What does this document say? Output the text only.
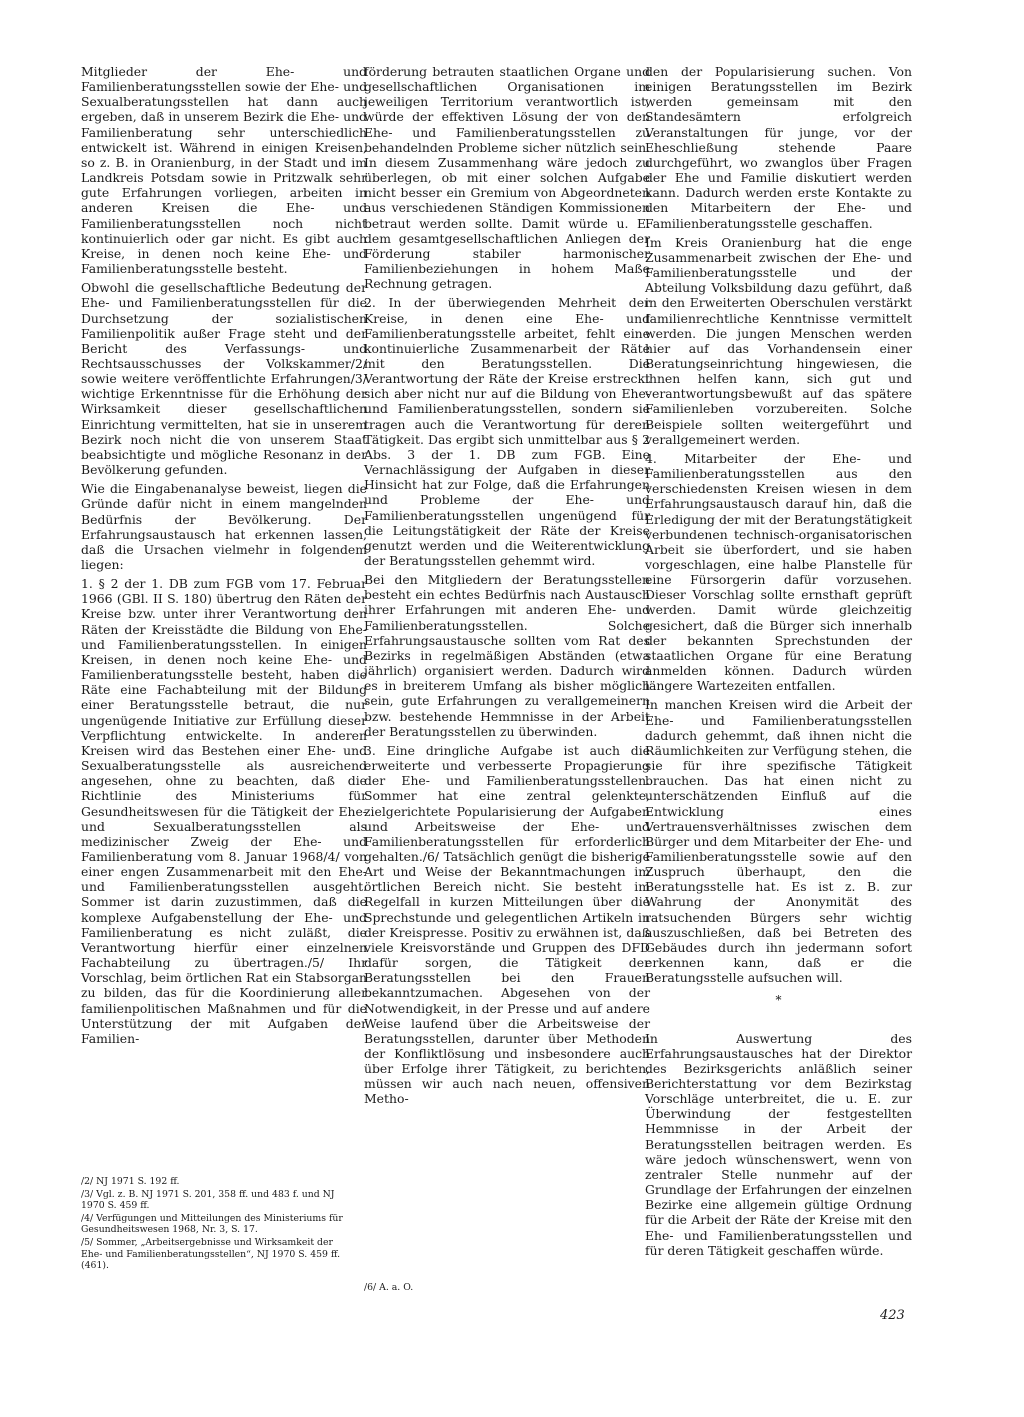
Mitglieder der Ehe- und Familienberatungsstellen sowie der Ehe- und Sexualberatungsstellen hat dann auch ergeben, daß in unserem Bezirk die Ehe- und Familienberatung sehr unterschiedlich entwickelt ist. Während in einigen Kreisen, so z. B. in Oranienburg, in der Stadt und im Landkreis Potsdam sowie in Pritzwalk sehr gute Erfahrungen vorliegen, arbeiten in anderen Kreisen die Ehe- und Familienberatungsstellen noch nicht kontinuierlich oder gar nicht. Es gibt auch Kreise, in denen noch keine Ehe- und Familienberatungsstelle besteht.

Obwohl die gesellschaftliche Bedeutung der Ehe- und Familienberatungsstellen für die Durchsetzung der sozialistischen Familienpolitik außer Frage steht und der Bericht des Verfassungs- und Rechtsausschusses der Volkskammer/2/ sowie weitere veröffentlichte Erfahrungen/3/ wichtige Erkenntnisse für die Erhöhung der Wirksamkeit dieser gesellschaftlichen Einrichtung vermittelten, hat sie in unserem Bezirk noch nicht die von unserem Staat beabsichtigte und mögliche Resonanz in der Bevölkerung gefunden.

Wie die Eingabenanalyse beweist, liegen die Gründe dafür nicht in einem mangelnden Bedürfnis der Bevölkerung. Der Erfahrungsaustausch hat erkennen lassen, daß die Ursachen vielmehr in folgendem liegen:

1. § 2 der 1. DB zum FGB vom 17. Februar 1966 (GBl. II S. 180) übertrug den Räten der Kreise bzw. unter ihrer Verantwortung den Räten der Kreisstädte die Bildung von Ehe- und Familienberatungsstellen. In einigen Kreisen, in denen noch keine Ehe- und Familienberatungsstelle besteht, haben die Räte eine Fachabteilung mit der Bildung einer Beratungsstelle betraut, die nur ungenügende Initiative zur Erfüllung dieser Verpflichtung entwickelte. In anderen Kreisen wird das Bestehen einer Ehe- und Sexualberatungsstelle als ausreichend angesehen, ohne zu beachten, daß die Richtlinie des Ministeriums für Gesundheitswesen für die Tätigkeit der Ehe- und Sexualberatungsstellen als medizinischer Zweig der Ehe- und Familienberatung vom 8. Januar 1968/4/ von einer engen Zusammenarbeit mit den Ehe- und Familienberatungsstellen ausgeht. Sommer ist darin zuzustimmen, daß die komplexe Aufgabenstellung der Ehe- und Familienberatung es nicht zuläßt, die Verantwortung hierfür einer einzelnen Fachabteilung zu übertragen./5/ Ihr Vorschlag, beim örtlichen Rat ein Stabsorgan zu bilden, das für die Koordinierung aller familienpolitischen Maßnahmen und für die Unterstützung der mit Aufgaben der Familien-

förderung betrauten staatlichen Organe und gesellschaftlichen Organisationen im jeweiligen Territorium verantwortlich ist, würde der effektiven Lösung der von den Ehe- und Familienberatungsstellen zu behandelnden Probleme sicher nützlich sein. In diesem Zusammenhang wäre jedoch zu überlegen, ob mit einer solchen Aufgabe nicht besser ein Gremium von Abgeordneten aus verschiedenen Ständigen Kommissionen betraut werden sollte. Damit würde u. E. dem gesamtgesellschaftlichen Anliegen der Förderung stabiler harmonischer Familienbeziehungen in hohem Maße Rechnung getragen.

2. In der überwiegenden Mehrheit der Kreise, in denen eine Ehe- und Familienberatungsstelle arbeitet, fehlt eine kontinuierliche Zusammenarbeit der Räte mit den Beratungsstellen. Die Verantwortung der Räte der Kreise erstreckt sich aber nicht nur auf die Bildung von Ehe- und Familienberatungsstellen, sondern sie tragen auch die Verantwortung für deren Tätigkeit. Das ergibt sich unmittelbar aus § 2 Abs. 3 der 1. DB zum FGB. Eine Vernachlässigung der Aufgaben in dieser Hinsicht hat zur Folge, daß die Erfahrungen und Probleme der Ehe- und Familienberatungsstellen ungenügend für die Leitungstätigkeit der Räte der Kreise genutzt werden und die Weiterentwicklung der Beratungsstellen gehemmt wird.

Bei den Mitgliedern der Beratungsstellen besteht ein echtes Bedürfnis nach Austausch ihrer Erfahrungen mit anderen Ehe- und Familienberatungsstellen. Solche Erfahrungsaustausche sollten vom Rat des Bezirks in regelmäßigen Abständen (etwa jährlich) organisiert werden. Dadurch wird es in breiterem Umfang als bisher möglich sein, gute Erfahrungen zu verallgemeinern bzw. bestehende Hemmnisse in der Arbeit der Beratungsstellen zu überwinden.

3. Eine dringliche Aufgabe ist auch die erweiterte und verbesserte Propagierung der Ehe- und Familienberatungsstellen. Sommer hat eine zentral gelenkte, zielgerichtete Popularisierung der Aufgaben und Arbeitsweise der Ehe- und Familienberatungsstellen für erforderlich gehalten./6/ Tatsächlich genügt die bisherige Art und Weise der Bekanntmachungen im örtlichen Bereich nicht. Sie besteht im Regelfall in kurzen Mitteilungen über die Sprechstunde und gelegentlichen Artikeln in der Kreispresse. Positiv zu erwähnen ist, daß viele Kreisvorstände und Gruppen des DFD dafür sorgen, die Tätigkeit der Beratungsstellen bei den Frauen bekanntzumachen. Abgesehen von der Notwendigkeit, in der Presse und auf andere Weise laufend über die Arbeitsweise der Beratungsstellen, darunter über Methoden der Konfliktlösung und insbesondere auch über Erfolge ihrer Tätigkeit, zu berichten, müssen wir auch nach neuen, offensiven Metho-

den der Popularisierung suchen. Von einigen Beratungsstellen im Bezirk werden gemeinsam mit den Standesämtern erfolgreich Veranstaltungen für junge, vor der Eheschließung stehende Paare durchgeführt, wo zwanglos über Fragen der Ehe und Familie diskutiert werden kann. Dadurch werden erste Kontakte zu den Mitarbeitern der Ehe- und Familienberatungsstelle geschaffen.

Im Kreis Oranienburg hat die enge Zusammenarbeit zwischen der Ehe- und Familienberatungsstelle und der Abteilung Volksbildung dazu geführt, daß in den Erweiterten Oberschulen verstärkt familienrechtliche Kenntnisse vermittelt werden. Die jungen Menschen werden hier auf das Vorhandensein einer Beratungseinrichtung hingewiesen, die ihnen helfen kann, sich gut und verantwortungsbewußt auf das spätere Familienleben vorzubereiten. Solche Beispiele sollten weitergeführt und verallgemeinert werden.

4. Mitarbeiter der Ehe- und Familienberatungsstellen aus den verschiedensten Kreisen wiesen in dem Erfahrungsaustausch darauf hin, daß die Erledigung der mit der Beratungstätigkeit verbundenen technisch-organisatorischen Arbeit sie überfordert, und sie haben vorgeschlagen, eine halbe Planstelle für eine Fürsorgerin dafür vorzusehen. Dieser Vorschlag sollte ernsthaft geprüft werden. Damit würde gleichzeitig gesichert, daß die Bürger sich innerhalb der bekannten Sprechstunden der staatlichen Organe für eine Beratung anmelden können. Dadurch würden längere Wartezeiten entfallen.

In manchen Kreisen wird die Arbeit der Ehe- und Familienberatungsstellen dadurch gehemmt, daß ihnen nicht die Räumlichkeiten zur Verfügung stehen, die sie für ihre spezifische Tätigkeit brauchen. Das hat einen nicht zu unterschätzenden Einfluß auf die Entwicklung eines Vertrauensverhältnisses zwischen dem Bürger und dem Mitarbeiter der Ehe- und Familienberatungsstelle sowie auf den Zuspruch überhaupt, den die Beratungsstelle hat. Es ist z. B. zur Wahrung der Anonymität des ratsuchenden Bürgers sehr wichtig auszuschließen, daß bei Betreten des Gebäudes durch ihn jedermann sofort erkennen kann, daß er die Beratungsstelle aufsuchen will.

*

In Auswertung des Erfahrungsaustausches hat der Direktor des Bezirksgerichts anläßlich seiner Berichterstattung vor dem Bezirkstag Vorschläge unterbreitet, die u. E. zur Überwindung der festgestellten Hemmnisse in der Arbeit der Beratungsstellen beitragen werden. Es wäre jedoch wünschenswert, wenn von zentraler Stelle nunmehr auf der Grundlage der Erfahrungen der einzelnen Bezirke eine allgemein gültige Ordnung für die Arbeit der Räte der Kreise mit den Ehe- und Familienberatungsstellen und für deren Tätigkeit geschaffen würde.

/2/ NJ 1971 S. 192 ff.

/3/ Vgl. z. B. NJ 1971 S. 201, 358 ff. und 483 f. und NJ 1970 S. 459 ff.

/4/ Verfügungen und Mitteilungen des Ministeriums für Gesundheitswesen 1968, Nr. 3, S. 17.

/5/ Sommer, „Arbeitsergebnisse und Wirksamkeit der Ehe- und Familienberatungsstellen“, NJ 1970 S. 459 ff. (461).

/6/ A. a. O.

423
